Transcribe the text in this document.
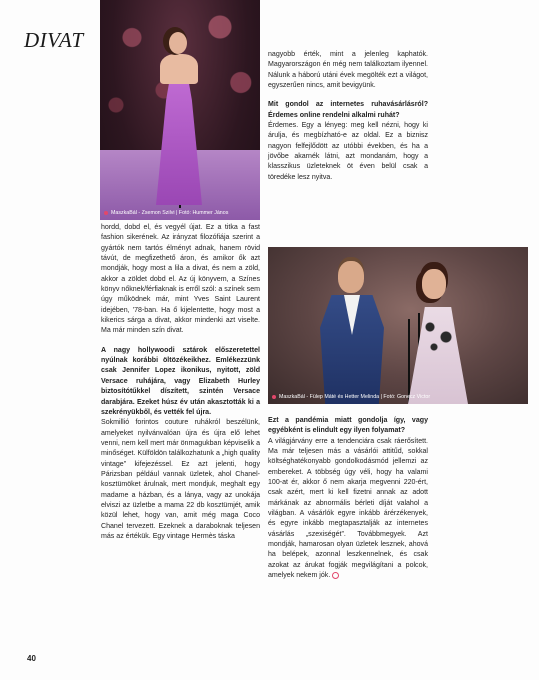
DIVAT
MaszkaBál - Zsemon Szilvi | Fotó: Hummer János
MaszkaBál - Fülep Máté és Hetter Melinda | Fotó: Gonecz Victor

hordd, dobd el, és vegyél újat. Ez a titka a fast fashion sikerének. Az irányzat filozófiája szerint a gyártók nem tartós élményt adnak, hanem rövid távút, de megfizethető áron, és amikor ők azt mondják, hogy most a lila a divat, és nem a zöld, akkor a zöldet dobd el. Az új könyvem, a Színes könyv nőknek/férfiaknak is erről szól: a színek sem úgy működnek már, mint Yves Saint Laurent idejében, '78-ban. Ha ő kijelentette, hogy most a kikerics sárga a divat, akkor mindenki azt viselte. Ma már minden szín divat.

A nagy hollywoodi sztárok előszeretettel nyúlnak korábbi öltözékeikhez. Emlékezzünk csak Jennifer Lopez ikonikus, nyitott, zöld Versace ruhájára, vagy Elizabeth Hurley biztosítótűkkel díszített, szintén Versace darabjára. Ezeket húsz év után akasztották ki a szekrényükből, és vették fel újra.

Sokmillió forintos couture ruhákról beszélünk, amelyeket nyilvánvalóan újra és újra elő lehet venni, nem kell mert már önmagukban képviselik a minőséget. Külföldön találkozhatunk a „high quality vintage” kifejezéssel. Ez azt jelenti, hogy Párizsban például vannak üzletek, ahol Chanel-kosztümöket árulnak, mert mondjuk, meghalt egy madame a házban, és a lánya, vagy az unokája elviszi az üzletbe a mama 22 db kosztümjét, amik közül lehet, hogy van, amit még maga Coco Chanel tervezett. Ezeknek a daraboknak teljesen más az értékük. Egy vintage Hermès táska

nagyobb érték, mint a jelenleg kaphatók. Magyarországon én még nem találkoztam ilyennel. Nálunk a háború utáni évek megölték ezt a világot, egyszerűen nincs, amit bevigyünk.

Mit gondol az internetes ruhavásárlásról? Érdemes online rendelni alkalmi ruhát?

Érdemes. Egy a lényeg: meg kell nézni, hogy ki árulja, és megbízható-e az oldal. Ez a biznisz nagyon felfejlődött az utóbbi években, és ha a jövőbe akarnék látni, azt mondanám, hogy a klasszikus üzleteknek öt éven belül csak a töredéke lesz nyitva.

Ezt a pandémia miatt gondolja így, vagy egyébként is elindult egy ilyen folyamat?

A világjárvány erre a tendenciára csak ráerősített. Ma már teljesen más a vásárlói attitűd, sokkal költséghatékonyabb gondolkodásmód jellemzi az embereket. A többség úgy véli, hogy ha valami 100-at ér, akkor ő nem akarja megvenni 220-ért, csak azért, mert ki kell fizetni annak az adott márkának az abnormális bérleti díját valahol a világban. A vásárlók egyre inkább árérzékenyek, és egyre inkább megtapasztalják az internetes vásárlás „szexiségét”. Továbbmegyek. Azt mondják, hamarosan olyan üzletek lesznek, ahová ha belépek, azonnal leszkennelnek, és csak azokat az árukat fogják megvilágítani a polcok, amelyek nekem jók.

40
